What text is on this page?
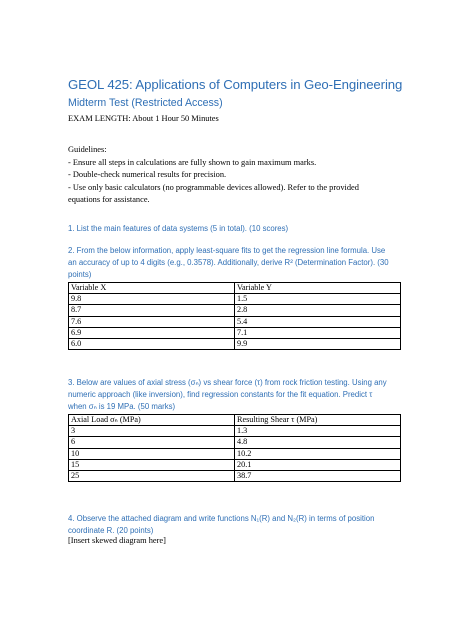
GEOL 425: Applications of Computers in Geo-Engineering
Midterm Test (Restricted Access)
EXAM LENGTH: About 1 Hour 50 Minutes
Guidelines:
- Ensure all steps in calculations are fully shown to gain maximum marks.
- Double-check numerical results for precision.
- Use only basic calculators (no programmable devices allowed). Refer to the provided
equations for assistance.
1. List the main features of data systems (5 in total). (10 scores)
2. From the below information, apply least-square fits to get the regression line formula. Use
an accuracy of up to 4 digits (e.g., 0.3578). Additionally, derive R² (Determination Factor). (30
points)
Variable X	Variable Y
9.8	1.5
8.7	2.8
7.6	5.4
6.9	7.1
6.0	9.9
3. Below are values of axial stress (σₙ) vs shear force (τ) from rock friction testing. Using any
numeric approach (like inversion), find regression constants for the fit equation. Predict τ
when σₙ is 19 MPa. (50 marks)
Axial Load σₙ (MPa)	Resulting Shear τ (MPa)
3	1.3
6	4.8
10	10.2
15	20.1
25	38.7
4. Observe the attached diagram and write functions N₁(R) and N₂(R) in terms of position
coordinate R. (20 points)
[Insert skewed diagram here]
